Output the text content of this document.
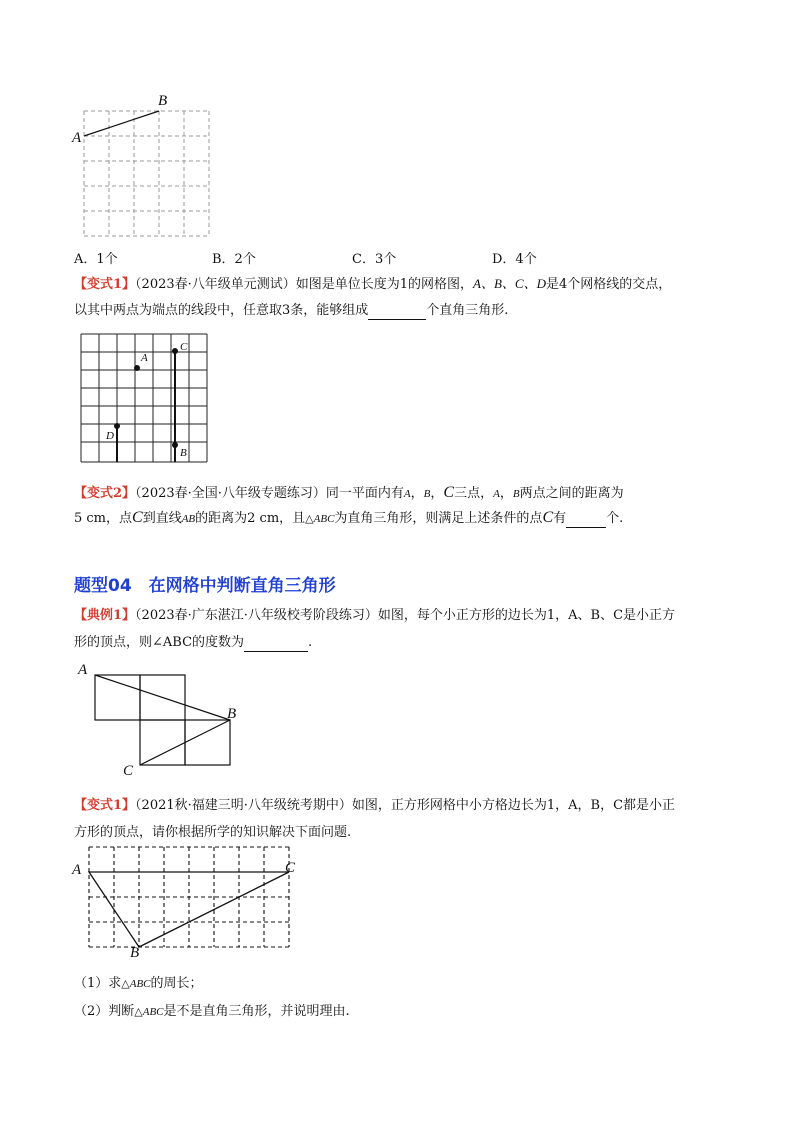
B
A
A．1个	B．2个	C．3个	D．4个
【变式1】（2023春·八年级单元测试）如图是单位长度为1的网格图，A、B、C、D是4个网格线的交点，
以其中两点为端点的线段中，任意取3条，能够组成	个直角三角形.
A
C
D
B
【变式2】（2023春·全国·八年级专题练习）同一平面内有A，B，C三点，A，B两点之间的距离为
5 cm，点C到直线AB的距离为2 cm，且△ABC为直角三角形，则满足上述条件的点C有	个.
题型04　在网格中判断直角三角形
【典例1】（2023春·广东湛江·八年级校考阶段练习）如图，每个小正方形的边长为1，A、B、C是小正方
形的顶点，则∠ABC的度数为	.
A
B
C
【变式1】（2021秋·福建三明·八年级统考期中）如图，正方形网格中小方格边长为1，A，B，C都是小正
方形的顶点，请你根据所学的知识解决下面问题.
A	C
B
（1）求△ABC的周长；
（2）判断△ABC是不是直角三角形，并说明理由.
